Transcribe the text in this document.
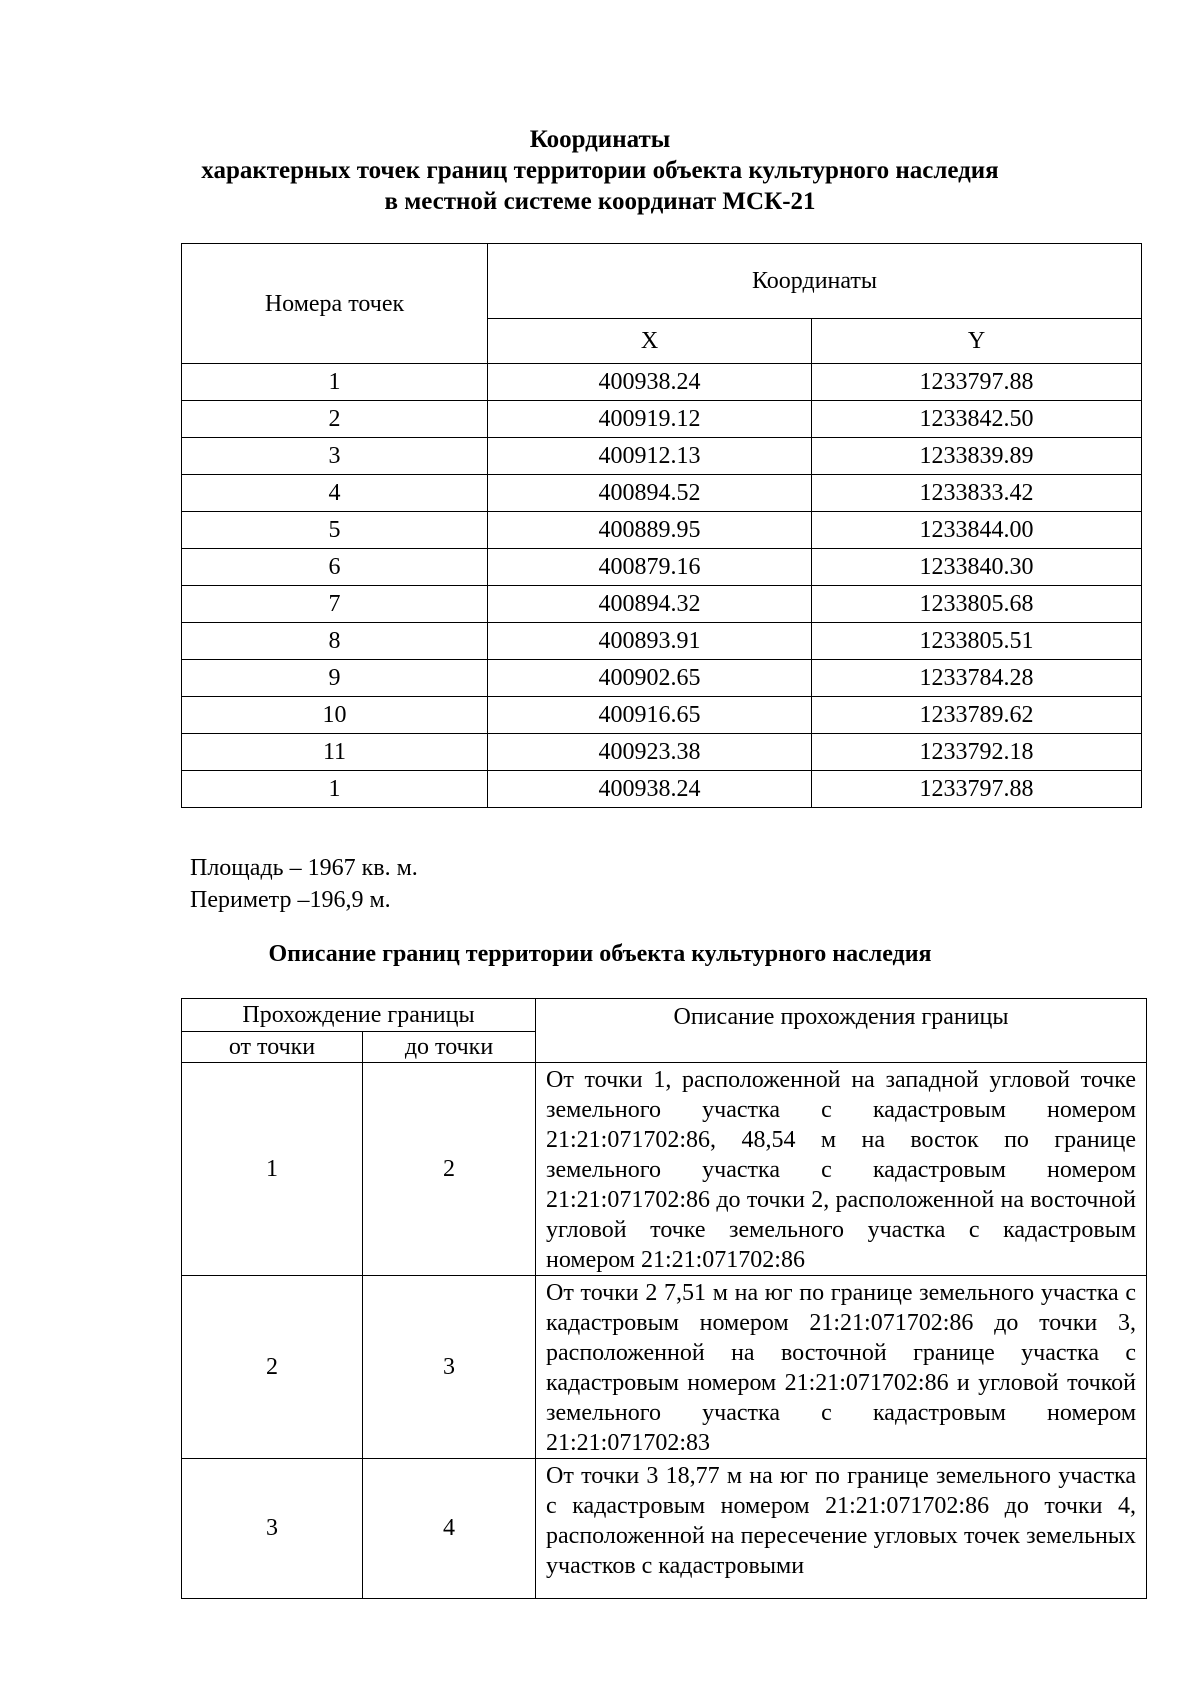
Координаты
характерных точек границ территории объекта культурного наследия
в местной системе координат МСК-21
Номера точек	Координаты	
	X	Y
1	400938.24	1233797.88
2	400919.12	1233842.50
3	400912.13	1233839.89
4	400894.52	1233833.42
5	400889.95	1233844.00
6	400879.16	1233840.30
7	400894.32	1233805.68
8	400893.91	1233805.51
9	400902.65	1233784.28
10	400916.65	1233789.62
11	400923.38	1233792.18
1	400938.24	1233797.88
Площадь – 1967 кв. м.
Периметр –196,9 м.
Описание границ территории объекта культурного наследия
Прохождение границы		Описание прохождения границы
от точки	до точки	
1	2	От точки 1, расположенной на западной угловой точке земельного участка с кадастровым номером 21:21:071702:86, 48,54 м на восток по границе земельного участка с кадастровым номером 21:21:071702:86 до точки 2, расположенной на восточной угловой точке земельного участка с кадастровым номером 21:21:071702:86
2	3	От точки 2 7,51 м на юг по границе земельного участка с кадастровым номером 21:21:071702:86 до точки 3, расположенной на восточной границе участка с кадастровым номером 21:21:071702:86 и угловой точкой земельного участка с кадастровым номером 21:21:071702:83
3	4	От точки 3 18,77 м на юг по границе земельного участка с кадастровым номером 21:21:071702:86 до точки 4, расположенной на пересечение угловых точек земельных участков с кадастровыми
